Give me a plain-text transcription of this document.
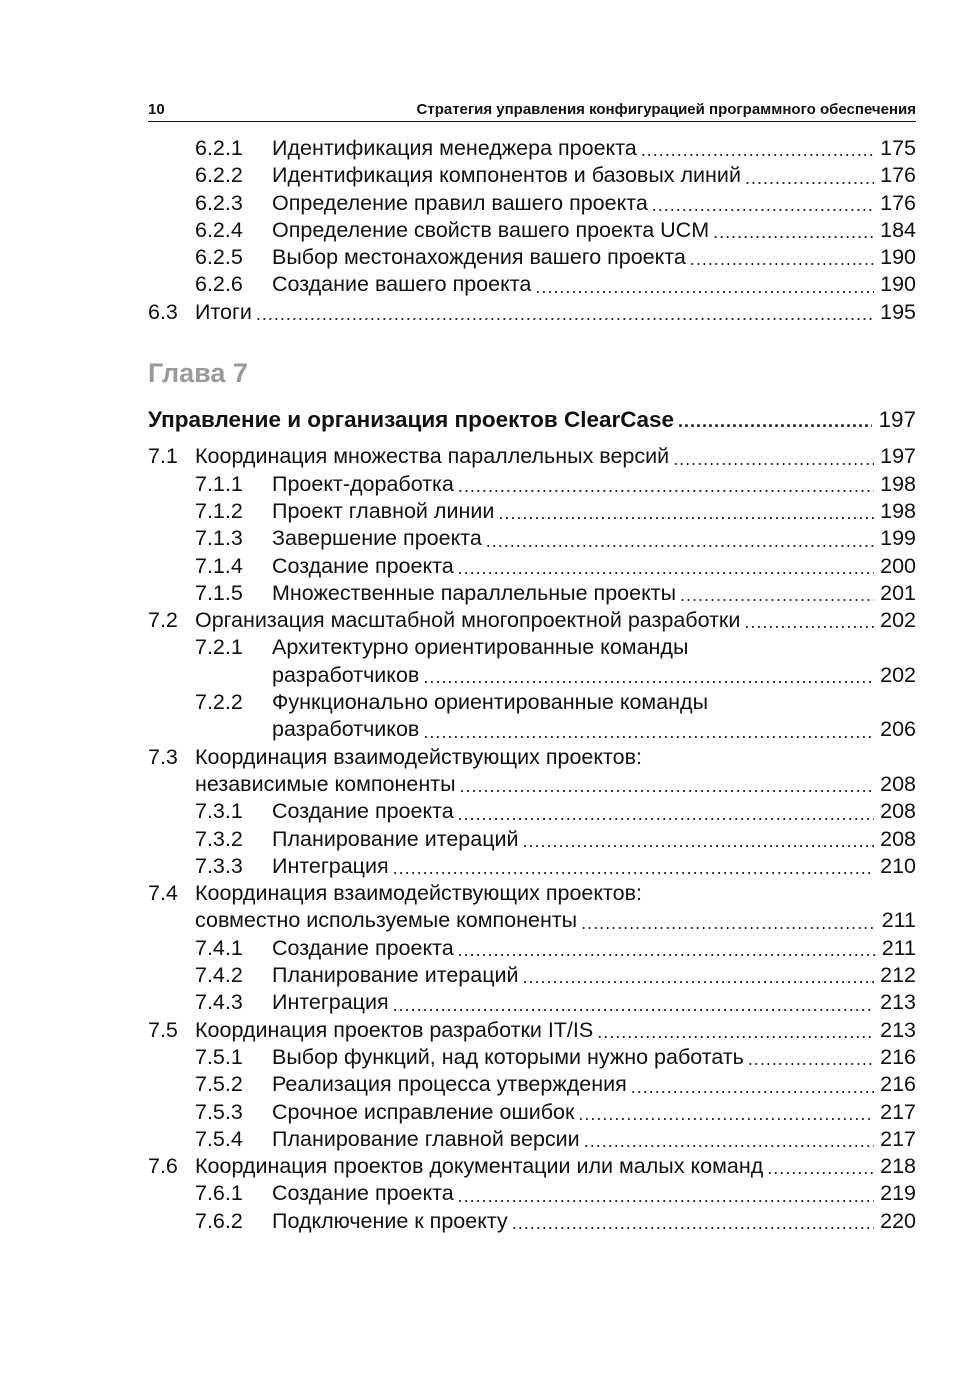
10	Стратегия управления конфигурацией программного обеспечения
6.2.1	Идентификация менеджера проекта .....	175
6.2.2	Идентификация компонентов и базовых линий .....	176
6.2.3	Определение правил вашего проекта .....	176
6.2.4	Определение свойств вашего проекта UCM .....	184
6.2.5	Выбор местонахождения вашего проекта .....	190
6.2.6	Создание вашего проекта .....	190
6.3 Итоги .....	195
Глава 7
Управление и организация проектов ClearCase .....	197
7.1 Координация множества параллельных версий .....	197
7.1.1	Проект-доработка .....	198
7.1.2	Проект главной линии .....	198
7.1.3	Завершение проекта .....	199
7.1.4	Создание проекта .....	200
7.1.5	Множественные параллельные проекты .....	201
7.2 Организация масштабной многопроектной разработки .....	202
7.2.1	Архитектурно ориентированные команды
разработчиков .....	202
7.2.2	Функционально ориентированные команды
разработчиков .....	206
7.3 Координация взаимодействующих проектов:
независимые компоненты .....	208
7.3.1	Создание проекта .....	208
7.3.2	Планирование итераций .....	208
7.3.3	Интеграция .....	210
7.4 Координация взаимодействующих проектов:
совместно используемые компоненты .....	211
7.4.1	Создание проекта .....	211
7.4.2	Планирование итераций .....	212
7.4.3	Интеграция .....	213
7.5 Координация проектов разработки IT/IS .....	213
7.5.1	Выбор функций, над которыми нужно работать .....	216
7.5.2	Реализация процесса утверждения .....	216
7.5.3	Срочное исправление ошибок .....	217
7.5.4	Планирование главной версии .....	217
7.6 Координация проектов документации или малых команд .....	218
7.6.1	Создание проекта .....	219
7.6.2	Подключение к проекту .....	220
